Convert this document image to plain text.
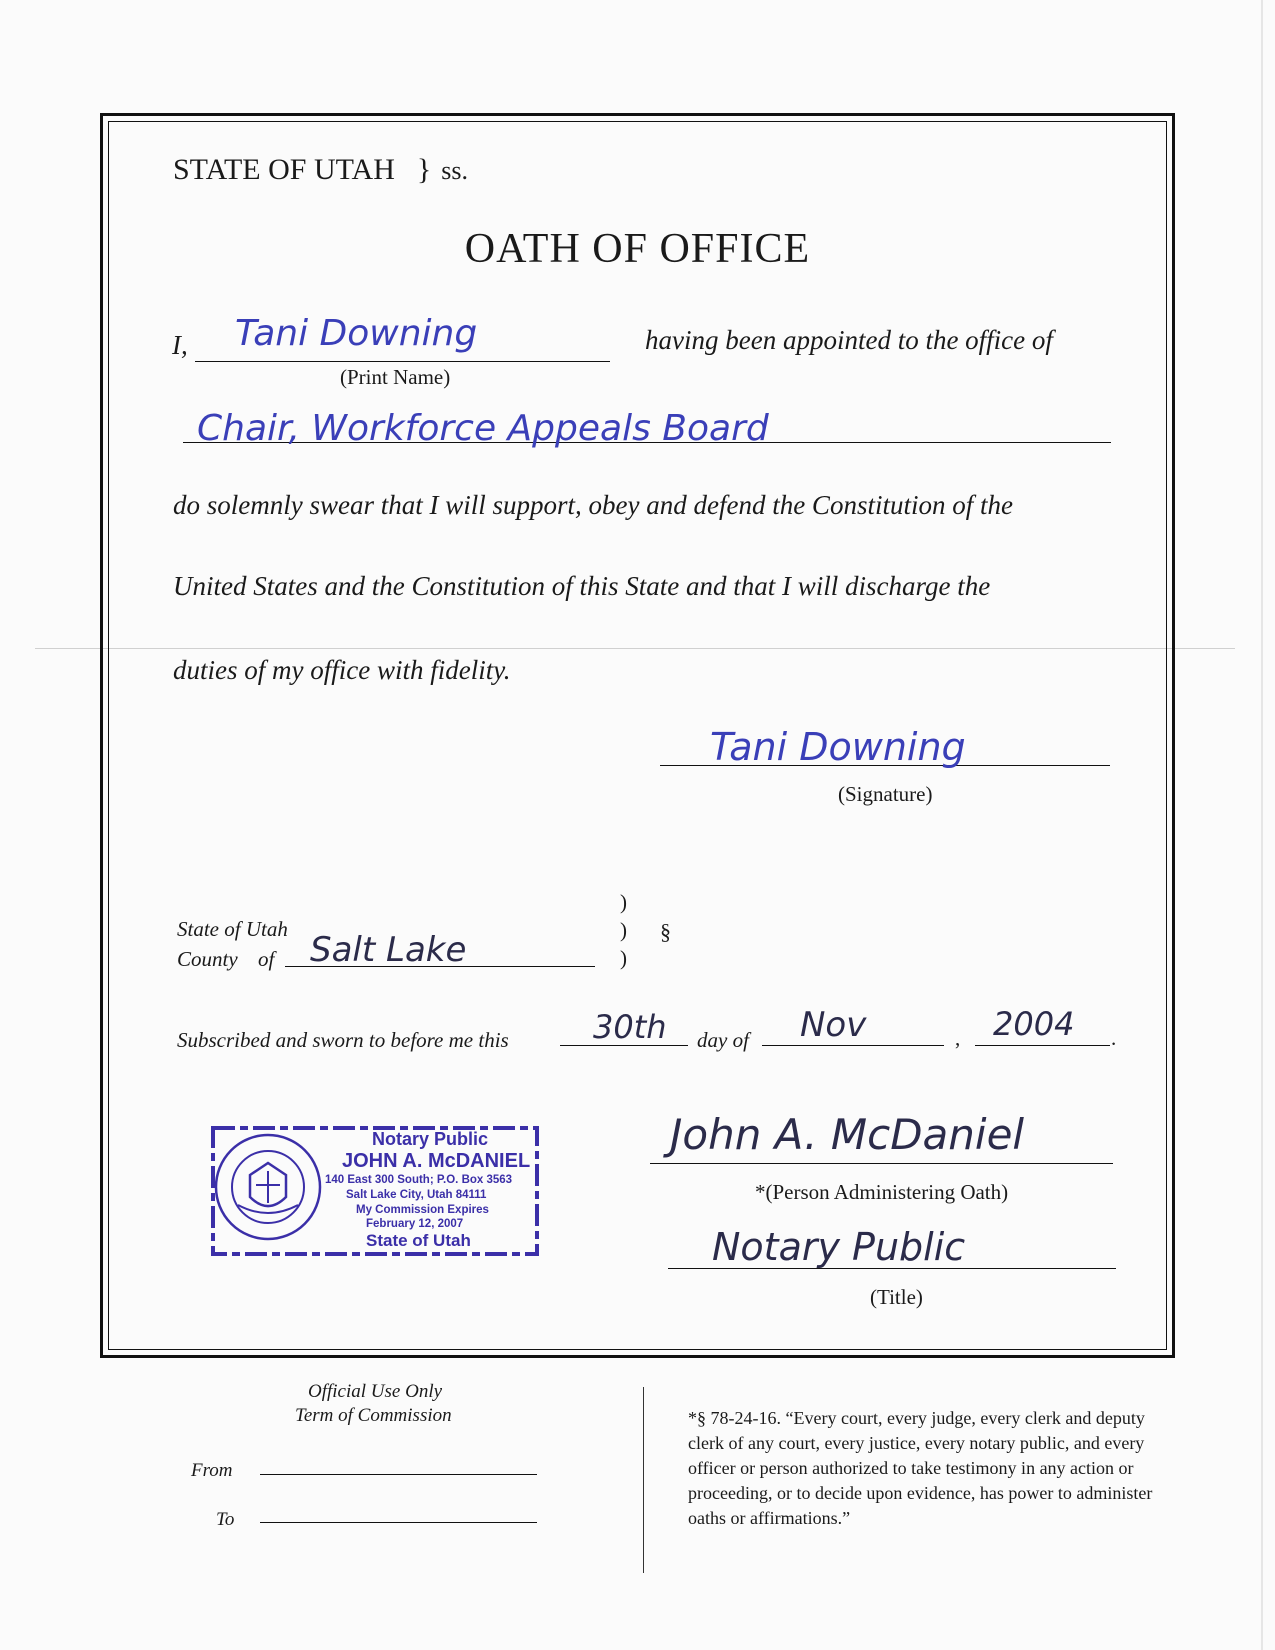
STATE OF UTAH } ss.
OATH OF OFFICE
I, Tani Downing
(Print Name)
having been appointed to the office of
Chair, Workforce Appeals Board
do solemnly swear that I will support, obey and defend the Constitution of the
United States and the Constitution of this State and that I will discharge the
duties of my office with fidelity.
Tani Downing
(Signature)
State of Utah
County of Salt Lake
)
)
)
§
Subscribed and sworn to before me this	30th day of Nov	, 2004 .
Notary Public
JOHN A. McDANIEL
140 East 300 South; P.O. Box 3563
Salt Lake City, Utah 84111
My Commission Expires
February 12, 2007
State of Utah
John A. McDaniel
*(Person Administering Oath)
Notary Public
(Title)
Official Use Only
Term of Commission
From
To
*§ 78-24-16. “Every court, every judge, every clerk and deputy clerk of any court, every justice, every notary public, and every officer or person authorized to take testimony in any action or proceeding, or to decide upon evidence, has power to administer oaths or affirmations.”
